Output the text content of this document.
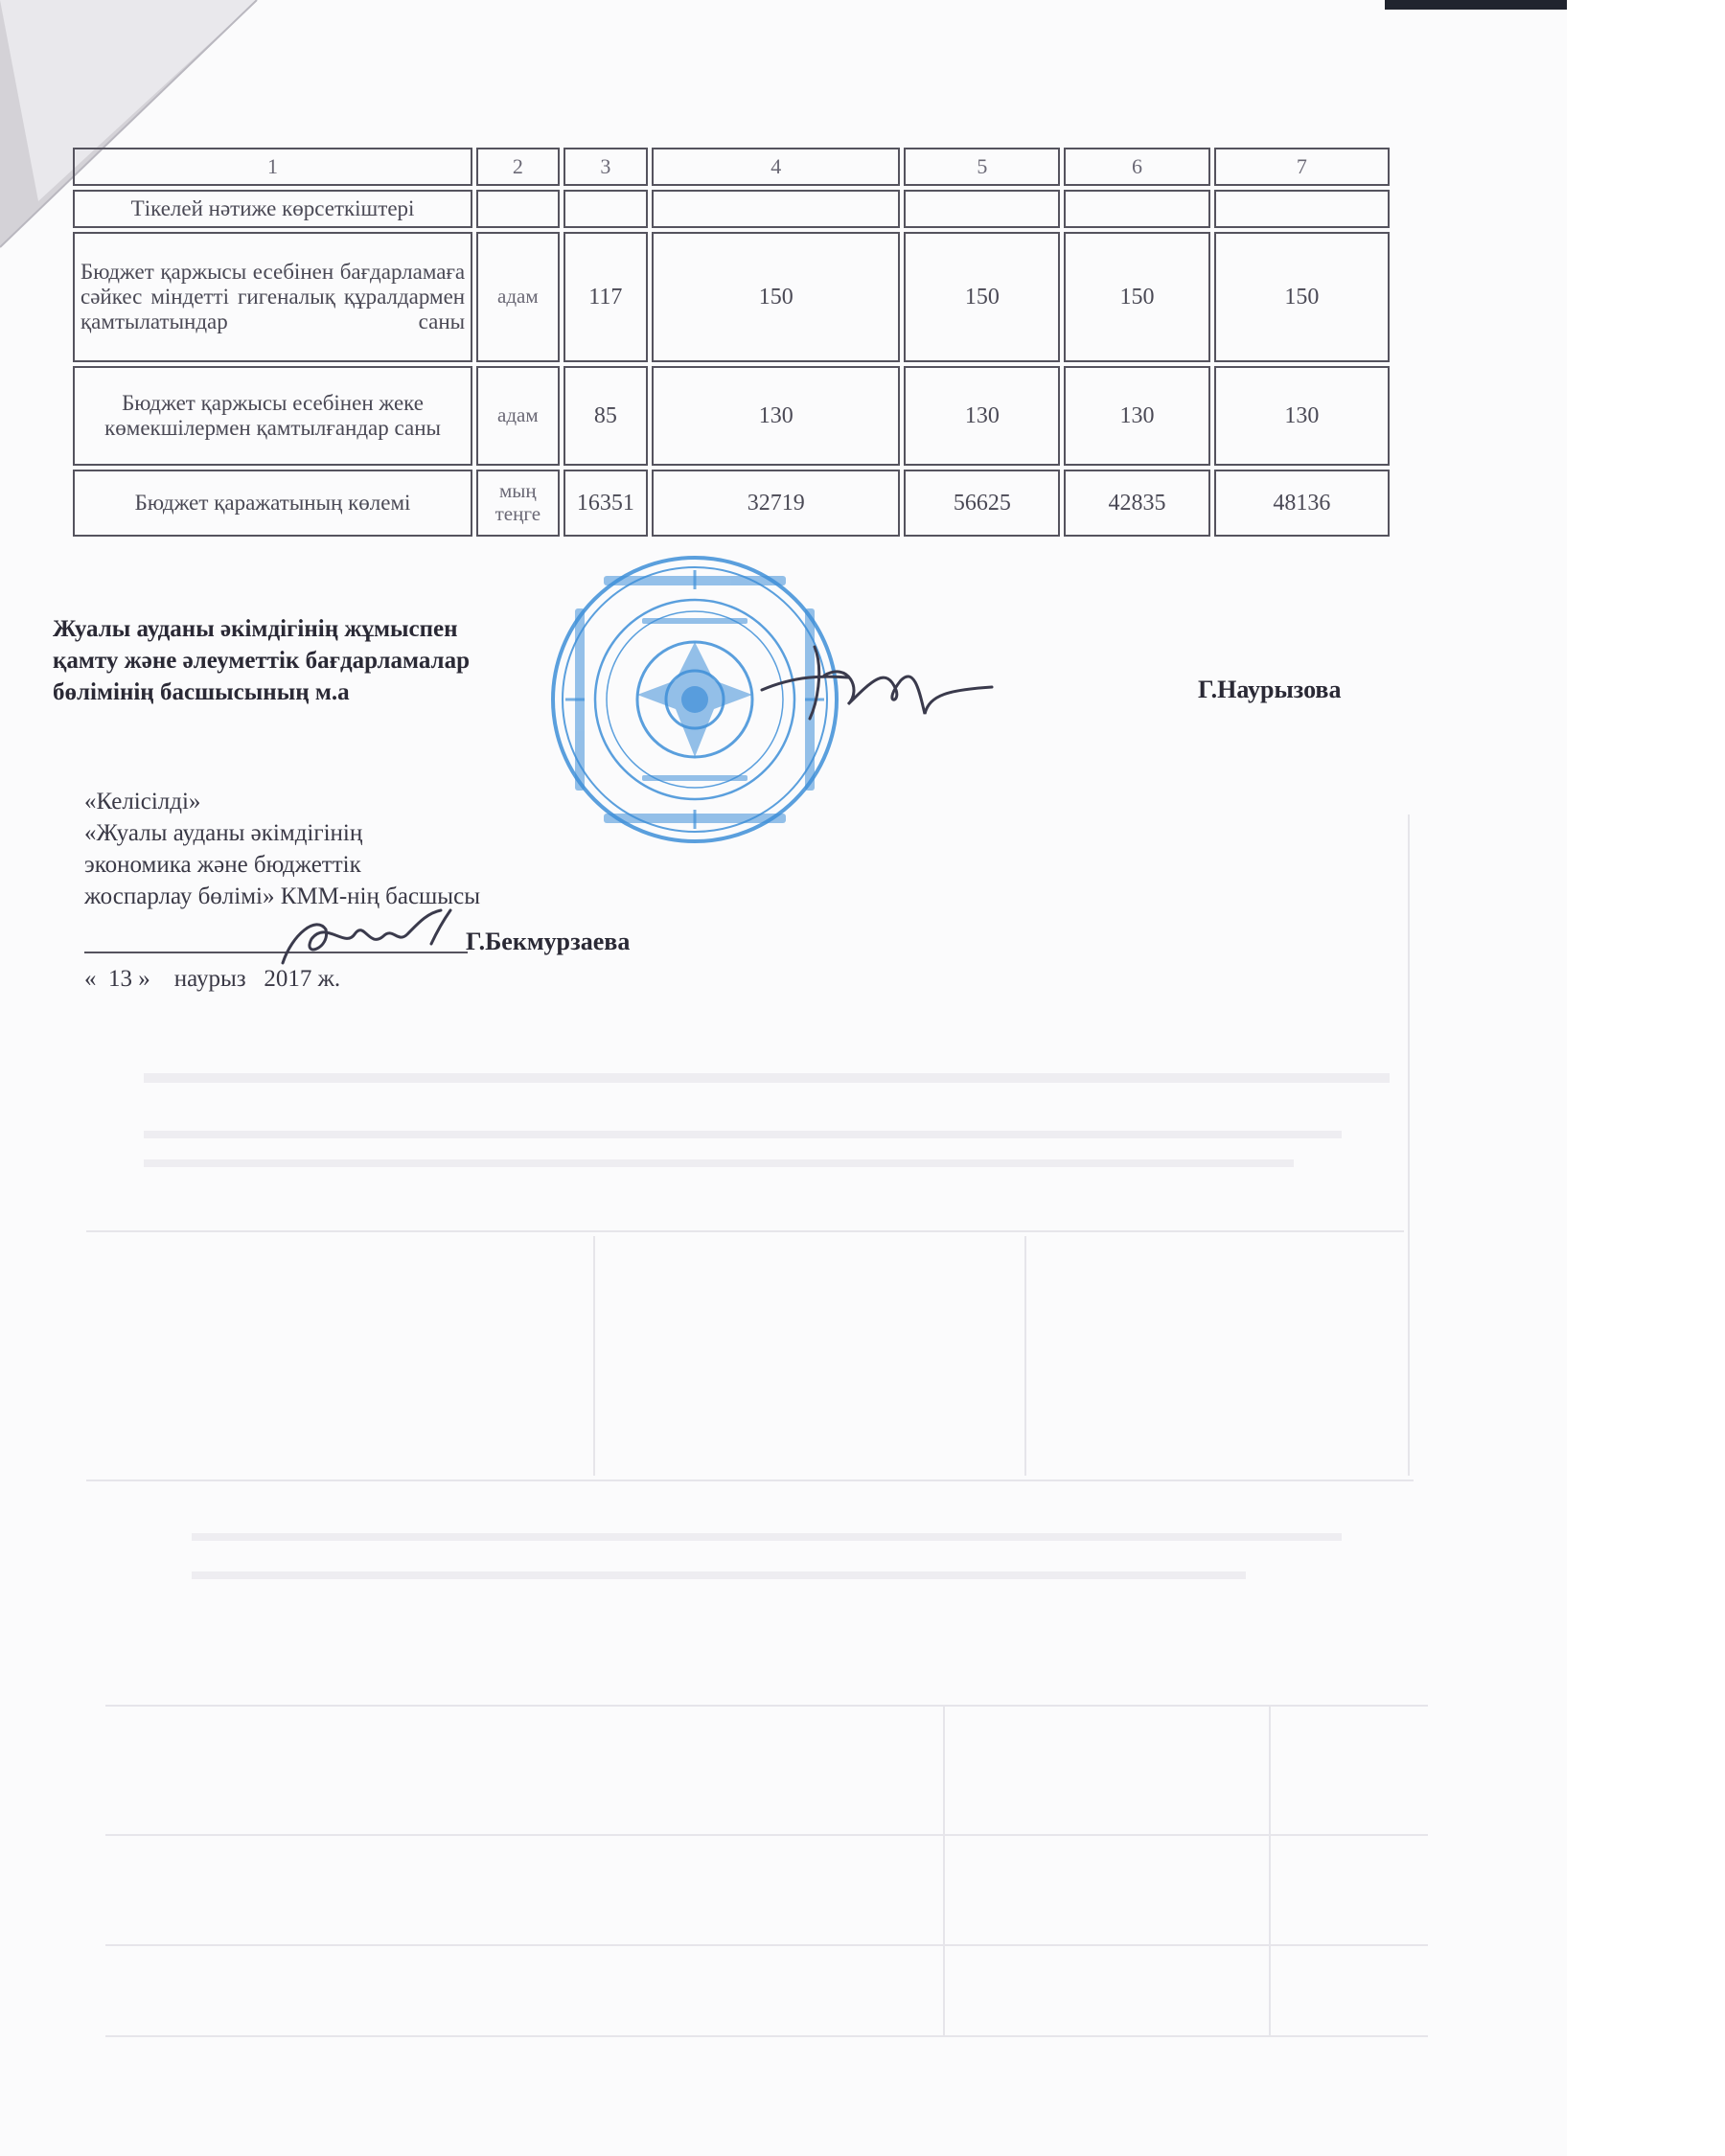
1	2	3	4	5	6	7
Тікелей нәтиже көрсеткіштері						
Бюджет қаржысы есебінен бағдарламаға сәйкес міндетті гигеналық құралдармен қамтылатындар саны	адам	117	150	150	150	150
Бюджет қаржысы есебінен жеке көмекшілермен қамтылғандар саны	адам	85	130	130	130	130
Бюджет қаражатының көлемі	мың теңге	16351	32719	56625	42835	48136
Жуалы ауданы әкімдігінің жұмыспен
қамту және әлеуметтік бағдарламалар
бөлімінің басшысының м.а	Г.Наурызова
«Келісілді»
«Жуалы ауданы әкімдігінің
экономика және бюджеттік
жоспарлау бөлімі» КММ-нің басшысы
Г.Бекмурзаева
«  13 »    наурыз   2017 ж.
